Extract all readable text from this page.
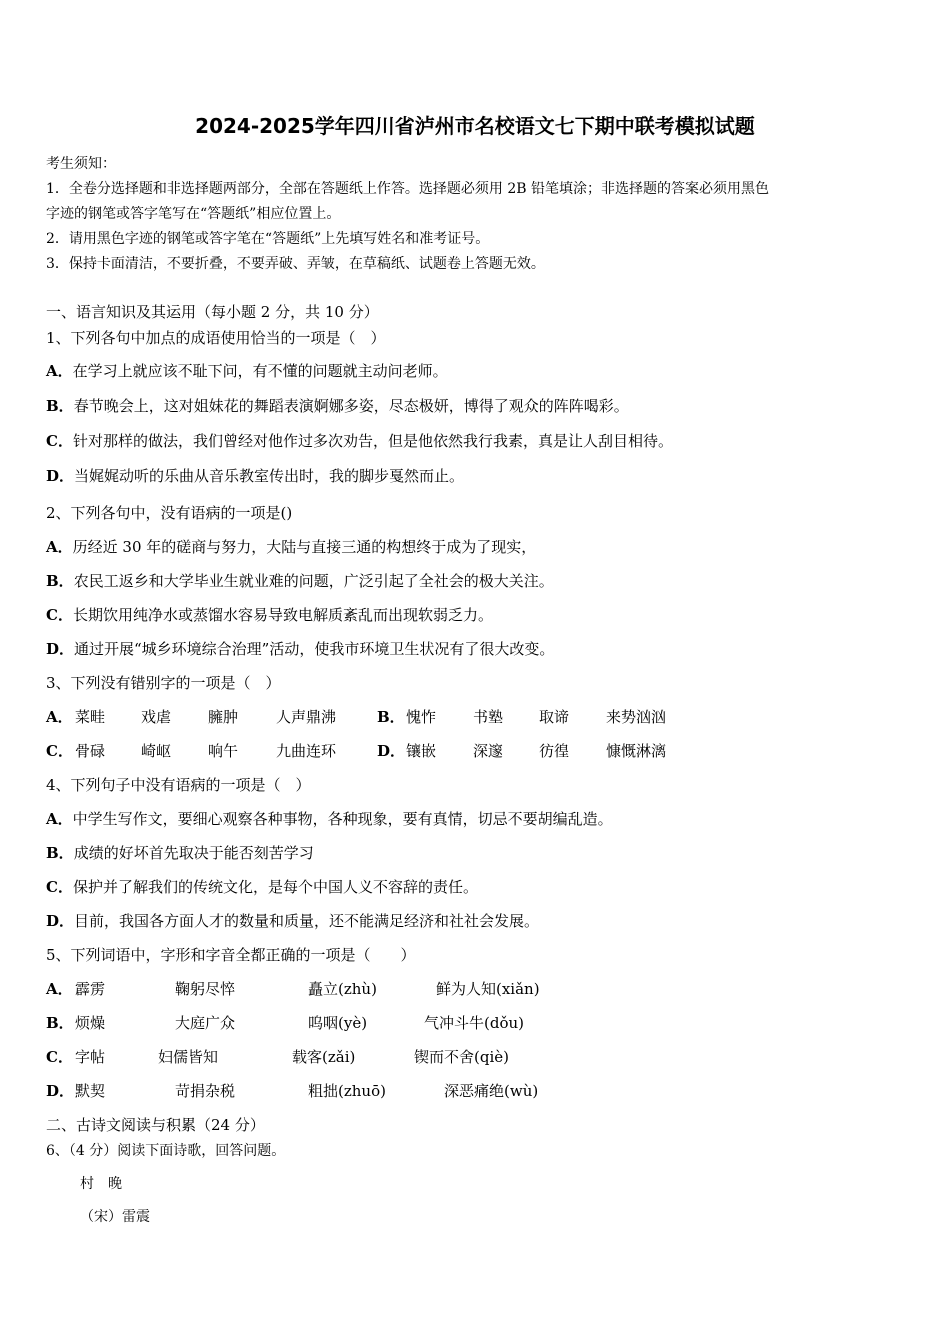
2024-2025学年四川省泸州市名校语文七下期中联考模拟试题
考生须知：
1．全卷分选择题和非选择题两部分，全部在答题纸上作答。选择题必须用 2B 铅笔填涂；非选择题的答案必须用黑色
字迹的钢笔或答字笔写在“答题纸”相应位置上。
2．请用黑色字迹的钢笔或答字笔在“答题纸”上先填写姓名和准考证号。
3．保持卡面清洁，不要折叠，不要弄破、弄皱，在草稿纸、试题卷上答题无效。
一、语言知识及其运用（每小题 2 分，共 10 分）
1、下列各句中加点的成语使用恰当的一项是（　）
A．在学习上就应该不耻下问，有不懂的问题就主动问老师。
B．春节晚会上，这对姐妹花的舞蹈表演婀娜多姿，尽态极妍，博得了观众的阵阵喝彩。
C．针对那样的做法，我们曾经对他作过多次劝告，但是他依然我行我素，真是让人刮目相待。
D．当娓娓动听的乐曲从音乐教室传出时，我的脚步戛然而止。
2、下列各句中，没有语病的一项是()
A．历经近 30 年的磋商与努力，大陆与直接三通的构想终于成为了现实，
B．农民工返乡和大学毕业生就业难的问题，广泛引起了全社会的极大关注。
C．长期饮用纯净水或蒸馏水容易导致电解质紊乱而出现软弱乏力。
D．通过开展“城乡环境综合治理”活动，使我市环境卫生状况有了很大改变。
3、下列没有错别字的一项是（　）
A． 菜畦 戏虐 臃肿	人声鼎沸	B． 愧怍 书塾 取谛 来势汹汹
C． 骨碌 崎岖 响午	九曲连环	D． 镶嵌 深邃 彷徨 慷慨淋漓
4、下列句子中没有语病的一项是（　）
A．中学生写作文，要细心观察各种事物，各种现象，要有真情，切忌不要胡编乱造。
B．成绩的好坏首先取决于能否刻苦学习
C．保护并了解我们的传统文化，是每个中国人义不容辞的责任。
D．目前，我国各方面人才的数量和质量，还不能满足经济和社社会发展。
5、下列词语中，字形和字音全都正确的一项是（　　）
A． 霹雳	鞠躬尽悴	矗立(zhù)	鲜为人知(xiǎn)
B． 烦燥	大庭广众	呜咽(yè)	气冲斗牛(dǒu)
C． 字帖	妇儒皆知	载客(zǎi)	锲而不舍(qiè)
D． 默契	苛捐杂税	粗拙(zhuō)	深恶痛绝(wù)
二、古诗文阅读与积累（24 分）
6、（4 分）阅读下面诗歌，回答问题。
村　晚
（宋）雷震
